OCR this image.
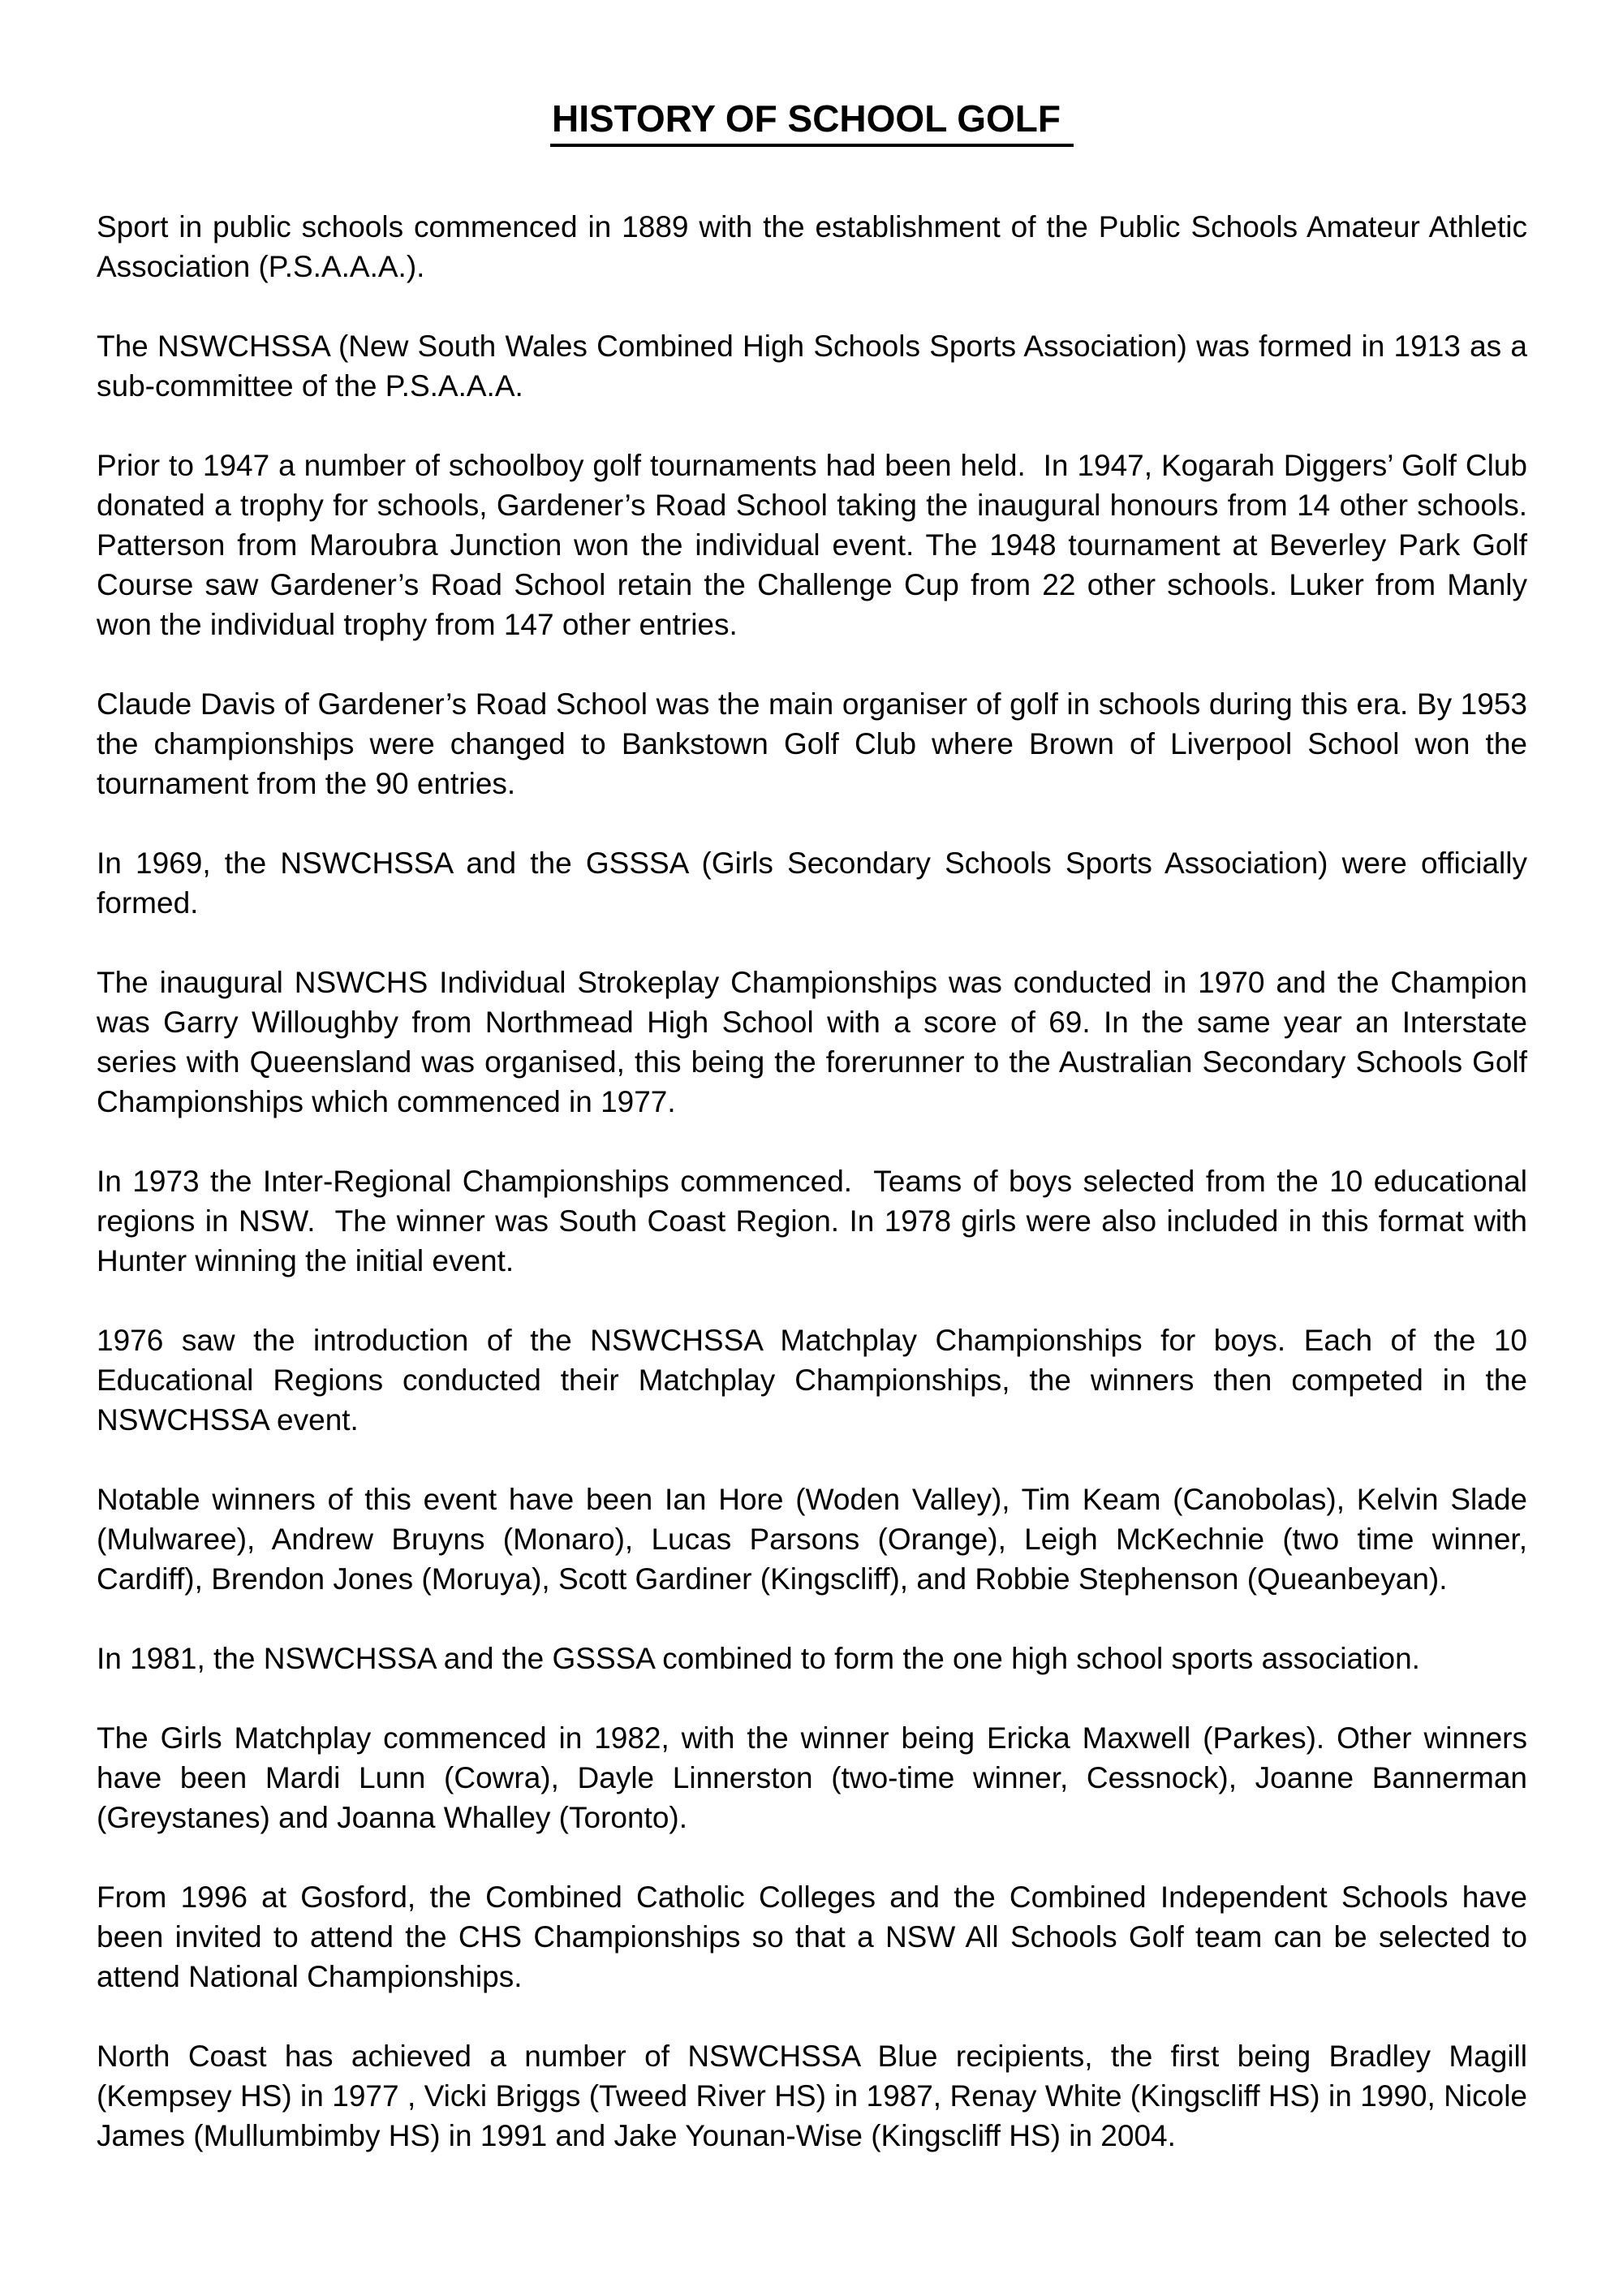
HISTORY OF SCHOOL GOLF

Sport in public schools commenced in 1889 with the establishment of the Public Schools Amateur Athletic Association (P.S.A.A.A.).

The NSWCHSSA (New South Wales Combined High Schools Sports Association) was formed in 1913 as a sub-committee of the P.S.A.A.A.

Prior to 1947 a number of schoolboy golf tournaments had been held.  In 1947, Kogarah Diggers’ Golf Club donated a trophy for schools, Gardener’s Road School taking the inaugural honours from 14 other schools.  Patterson from Maroubra Junction won the individual event. The 1948 tournament at Beverley Park Golf Course saw Gardener’s Road School retain the Challenge Cup from 22 other schools. Luker from Manly won the individual trophy from 147 other entries.

Claude Davis of Gardener’s Road School was the main organiser of golf in schools during this era. By 1953 the championships were changed to Bankstown Golf Club where Brown of Liverpool School won the tournament from the 90 entries.

In 1969, the NSWCHSSA and the GSSSA (Girls Secondary Schools Sports Association) were officially formed.

The inaugural NSWCHS Individual Strokeplay Championships was conducted in 1970 and the Champion was Garry Willoughby from Northmead High School with a score of 69. In the same year an Interstate series with Queensland was organised, this being the forerunner to the Australian Secondary Schools Golf Championships which commenced in 1977.

In 1973 the Inter-Regional Championships commenced.  Teams of boys selected from the 10 educational regions in NSW.  The winner was South Coast Region. In 1978 girls were also included in this format with Hunter winning the initial event.

1976 saw the introduction of the NSWCHSSA Matchplay Championships for boys. Each of the 10 Educational Regions conducted their Matchplay Championships, the winners then competed in the NSWCHSSA event.

Notable winners of this event have been Ian Hore (Woden Valley), Tim Keam (Canobolas), Kelvin Slade (Mulwaree), Andrew Bruyns (Monaro), Lucas Parsons (Orange), Leigh McKechnie (two time winner, Cardiff), Brendon Jones (Moruya), Scott Gardiner (Kingscliff), and Robbie Stephenson (Queanbeyan).

In 1981, the NSWCHSSA and the GSSSA combined to form the one high school sports association.

The Girls Matchplay commenced in 1982, with the winner being Ericka Maxwell (Parkes). Other winners have been Mardi Lunn (Cowra), Dayle Linnerston (two-time winner, Cessnock), Joanne Bannerman (Greystanes) and Joanna Whalley (Toronto).

From 1996 at Gosford, the Combined Catholic Colleges and the Combined Independent Schools have been invited to attend the CHS Championships so that a NSW All Schools Golf team can be selected to attend National Championships.

North Coast has achieved a number of NSWCHSSA Blue recipients, the first being Bradley Magill (Kempsey HS) in 1977 , Vicki Briggs (Tweed River HS) in 1987, Renay White (Kingscliff HS) in 1990, Nicole James (Mullumbimby HS) in 1991 and Jake Younan-Wise (Kingscliff HS) in 2004.
